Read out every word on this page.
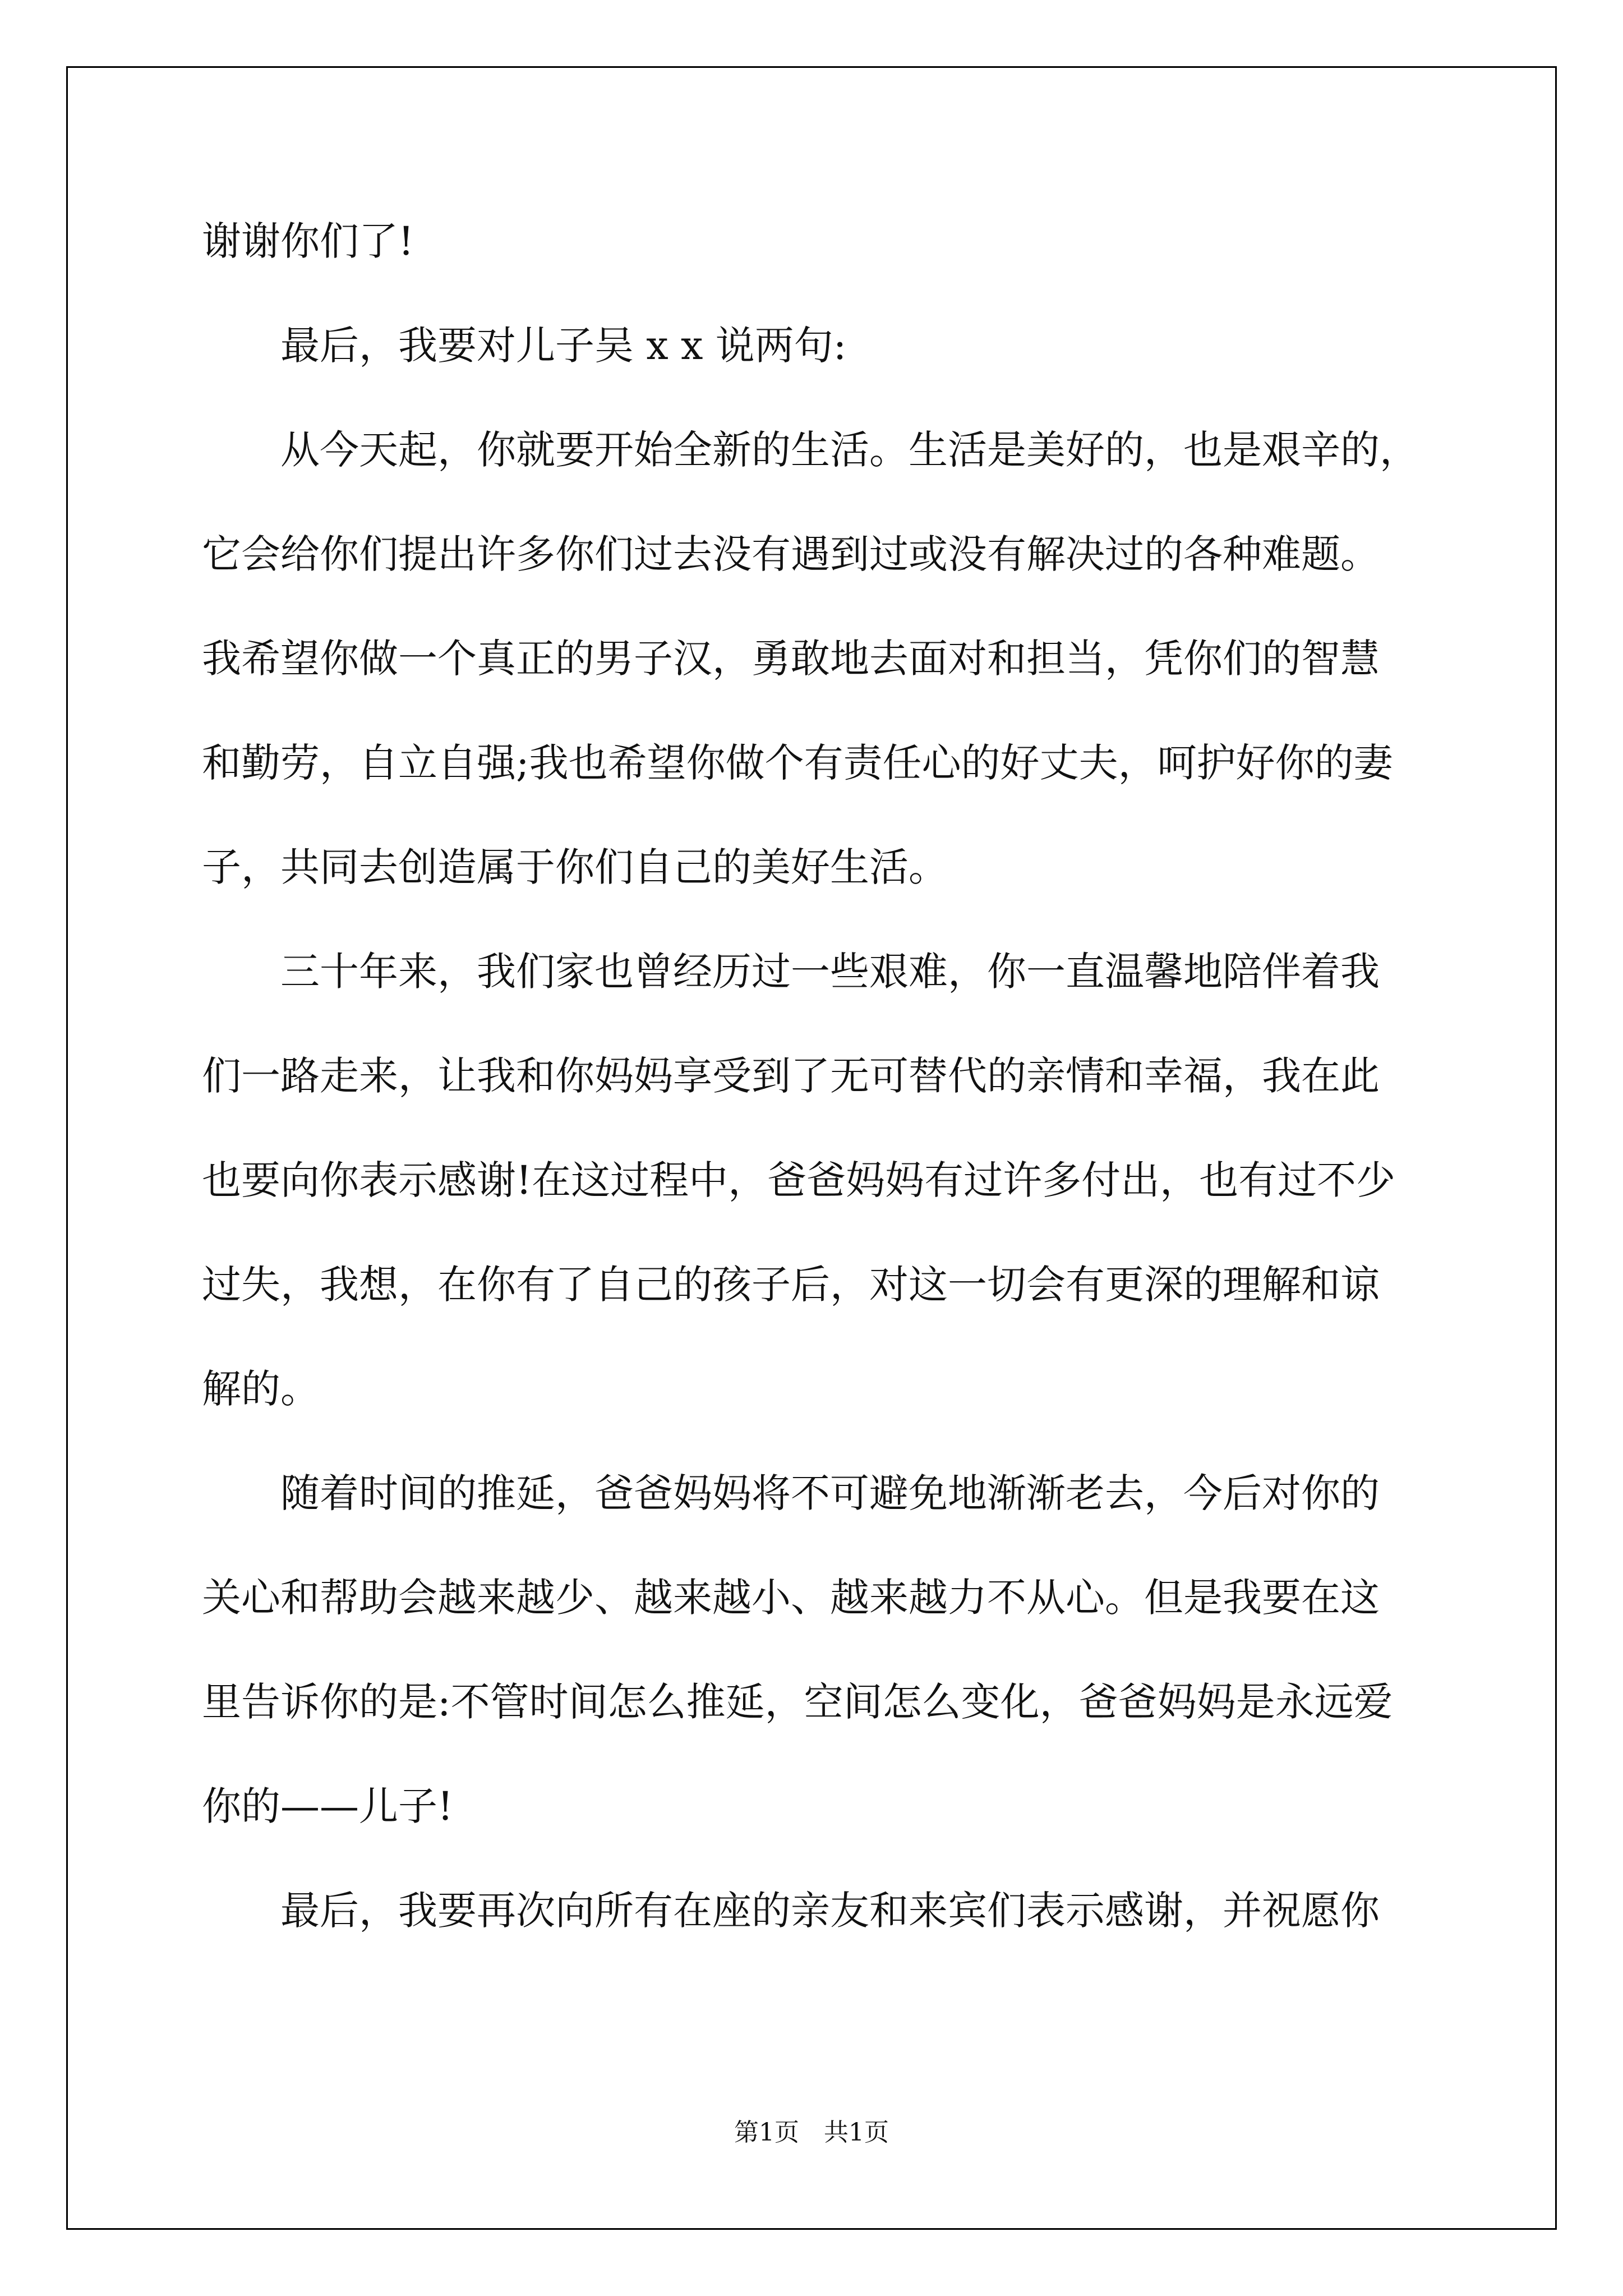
谢谢你们了!
最后，我要对儿子吴 x x 说两句:
从今天起，你就要开始全新的生活。生活是美好的，也是艰辛的，
它会给你们提出许多你们过去没有遇到过或没有解决过的各种难题。
我希望你做一个真正的男子汉，勇敢地去面对和担当，凭你们的智慧
和勤劳，自立自强;我也希望你做个有责任心的好丈夫，呵护好你的妻
子，共同去创造属于你们自己的美好生活。
三十年来，我们家也曾经历过一些艰难，你一直温馨地陪伴着我
们一路走来，让我和你妈妈享受到了无可替代的亲情和幸福，我在此
也要向你表示感谢!在这过程中，爸爸妈妈有过许多付出，也有过不少
过失，我想，在你有了自己的孩子后，对这一切会有更深的理解和谅
解的。
随着时间的推延，爸爸妈妈将不可避免地渐渐老去，今后对你的
关心和帮助会越来越少、越来越小、越来越力不从心。但是我要在这
里告诉你的是:不管时间怎么推延，空间怎么变化，爸爸妈妈是永远爱
你的——儿子!
最后，我要再次向所有在座的亲友和来宾们表示感谢，并祝愿你
第1页　共1页
